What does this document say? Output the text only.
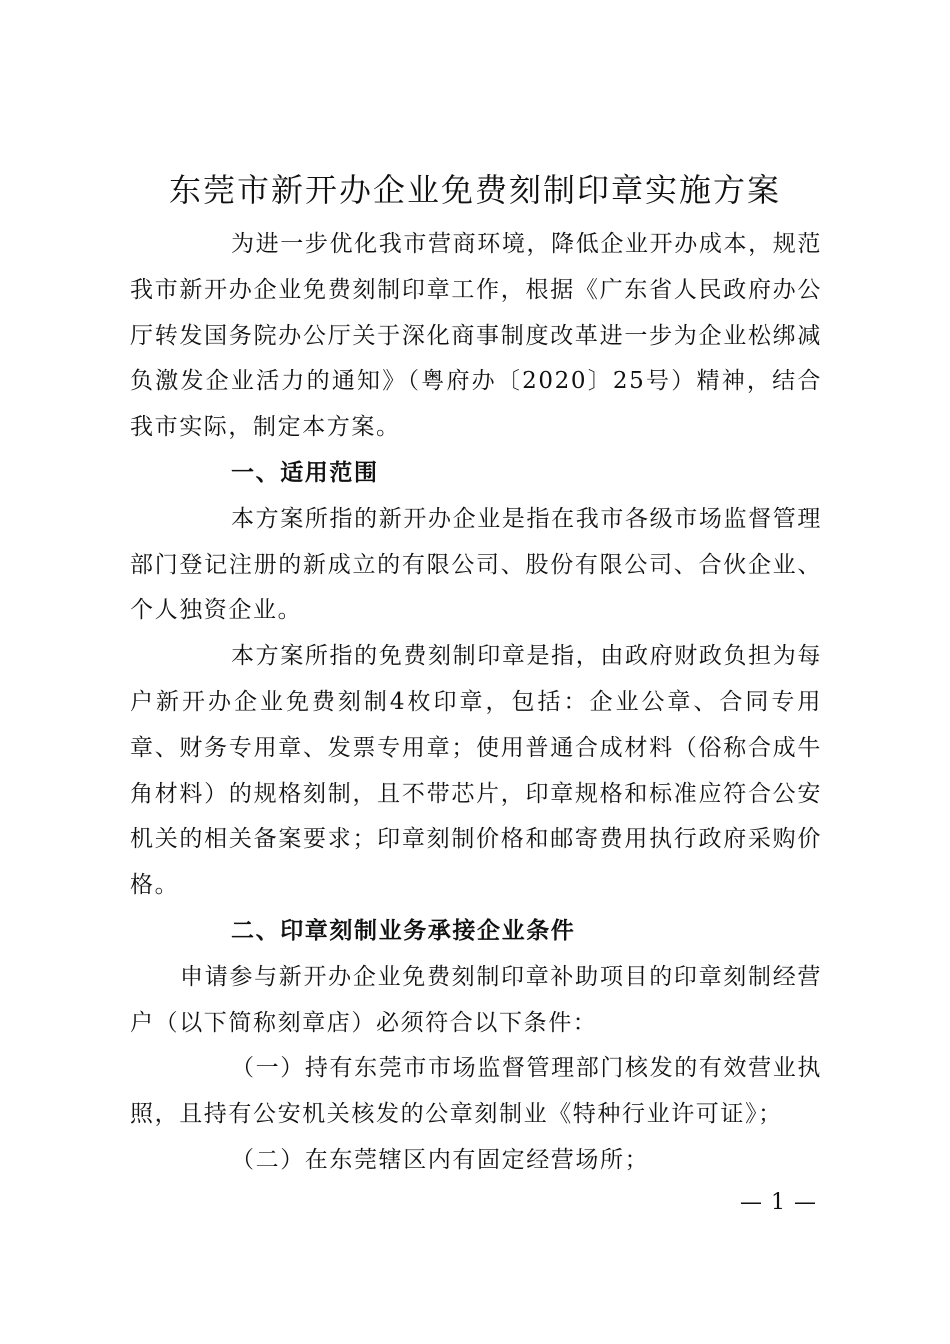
东莞市新开办企业免费刻制印章实施方案

为进一步优化我市营商环境，降低企业开办成本，规范我市新开办企业免费刻制印章工作，根据《广东省人民政府办公厅转发国务院办公厅关于深化商事制度改革进一步为企业松绑减负激发企业活力的通知》（粤府办〔2020〕25号）精神，结合我市实际，制定本方案。

一、适用范围

本方案所指的新开办企业是指在我市各级市场监督管理部门登记注册的新成立的有限公司、股份有限公司、合伙企业、个人独资企业。

本方案所指的免费刻制印章是指，由政府财政负担为每户新开办企业免费刻制4枚印章，包括：企业公章、合同专用章、财务专用章、发票专用章；使用普通合成材料（俗称合成牛角材料）的规格刻制，且不带芯片，印章规格和标准应符合公安机关的相关备案要求；印章刻制价格和邮寄费用执行政府采购价格。

二、印章刻制业务承接企业条件

申请参与新开办企业免费刻制印章补助项目的印章刻制经营户（以下简称刻章店）必须符合以下条件：

（一）持有东莞市市场监督管理部门核发的有效营业执照，且持有公安机关核发的公章刻制业《特种行业许可证》；

（二）在东莞辖区内有固定经营场所；

— 1 —
